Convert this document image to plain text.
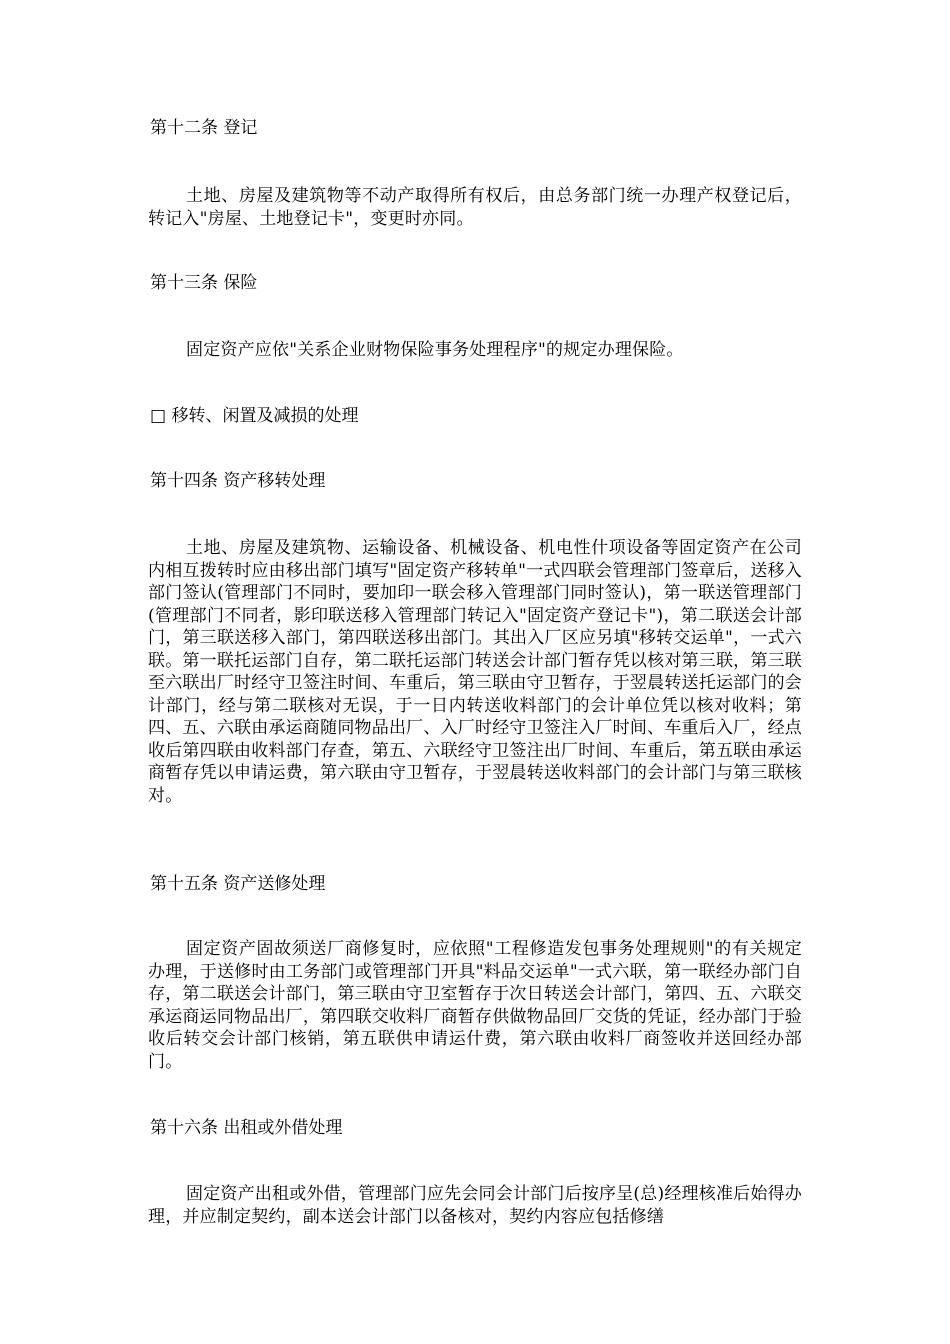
第十二条 登记
土地、房屋及建筑物等不动产取得所有权后，由总务部门统一办理产权登记后，转记入"房屋、土地登记卡"，变更时亦同。
第十三条 保险
固定资产应依"关系企业财物保险事务处理程序"的规定办理保险。
□ 移转、闲置及减损的处理
第十四条 资产移转处理
土地、房屋及建筑物、运输设备、机械设备、机电性什项设备等固定资产在公司内相互拨转时应由移出部门填写"固定资产移转单"一式四联会管理部门签章后，送移入部门签认(管理部门不同时，要加印一联会移入管理部门同时签认)，第一联送管理部门(管理部门不同者，影印联送移入管理部门转记入"固定资产登记卡")，第二联送会计部门，第三联送移入部门，第四联送移出部门。其出入厂区应另填"移转交运单"，一式六联。第一联托运部门自存，第二联托运部门转送会计部门暂存凭以核对第三联，第三联至六联出厂时经守卫签注时间、车重后，第三联由守卫暂存，于翌晨转送托运部门的会计部门，经与第二联核对无误，于一日内转送收料部门的会计单位凭以核对收料；第四、五、六联由承运商随同物品出厂、入厂时经守卫签注入厂时间、车重后入厂，经点收后第四联由收料部门存查，第五、六联经守卫签注出厂时间、车重后，第五联由承运商暂存凭以申请运费，第六联由守卫暂存，于翌晨转送收料部门的会计部门与第三联核对。
第十五条 资产送修处理
固定资产固故须送厂商修复时，应依照"工程修造发包事务处理规则"的有关规定办理，于送修时由工务部门或管理部门开具"料品交运单"一式六联，第一联经办部门自存，第二联送会计部门，第三联由守卫室暂存于次日转送会计部门，第四、五、六联交承运商运同物品出厂，第四联交收料厂商暂存供做物品回厂交货的凭证，经办部门于验收后转交会计部门核销，第五联供申请运什费，第六联由收料厂商签收并送回经办部门。
第十六条 出租或外借处理
固定资产出租或外借，管理部门应先会同会计部门后按序呈(总)经理核准后始得办理，并应制定契约，副本送会计部门以备核对，契约内容应包括修缮
